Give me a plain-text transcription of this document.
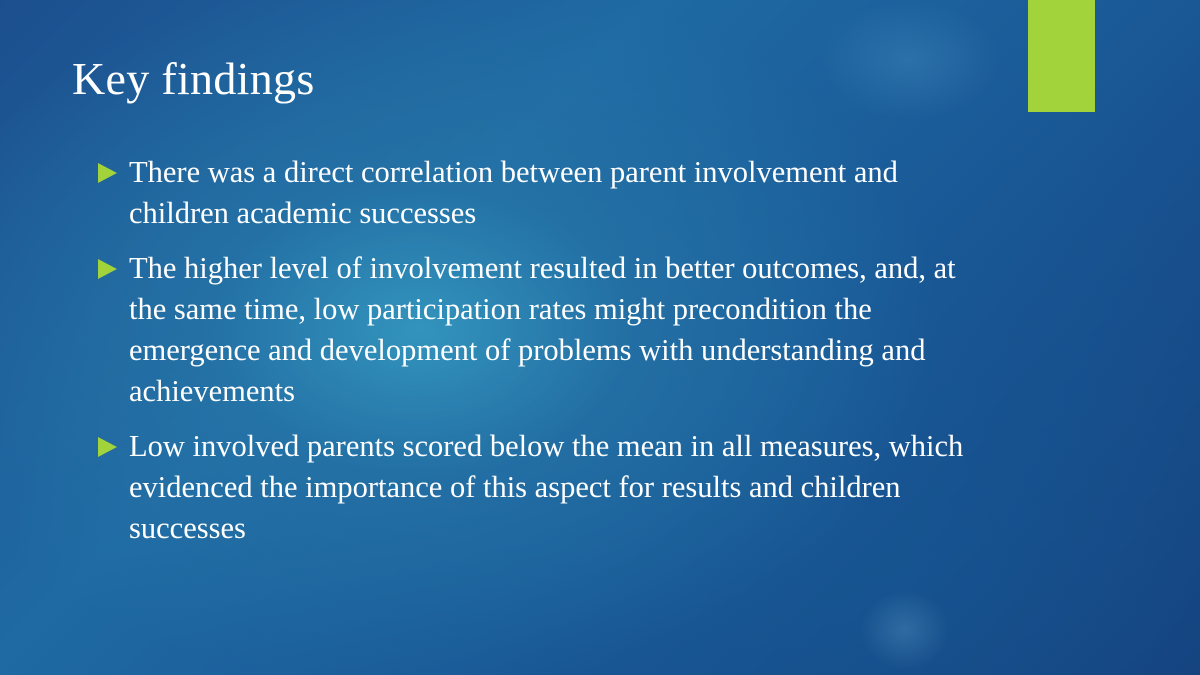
Key findings
There was a direct correlation between parent involvement and children academic successes
The higher level of involvement resulted in better outcomes, and, at the same time, low participation rates might precondition the emergence and development of problems with understanding and achievements
Low involved parents scored below the mean in all measures, which evidenced the importance of this aspect for results and children successes
